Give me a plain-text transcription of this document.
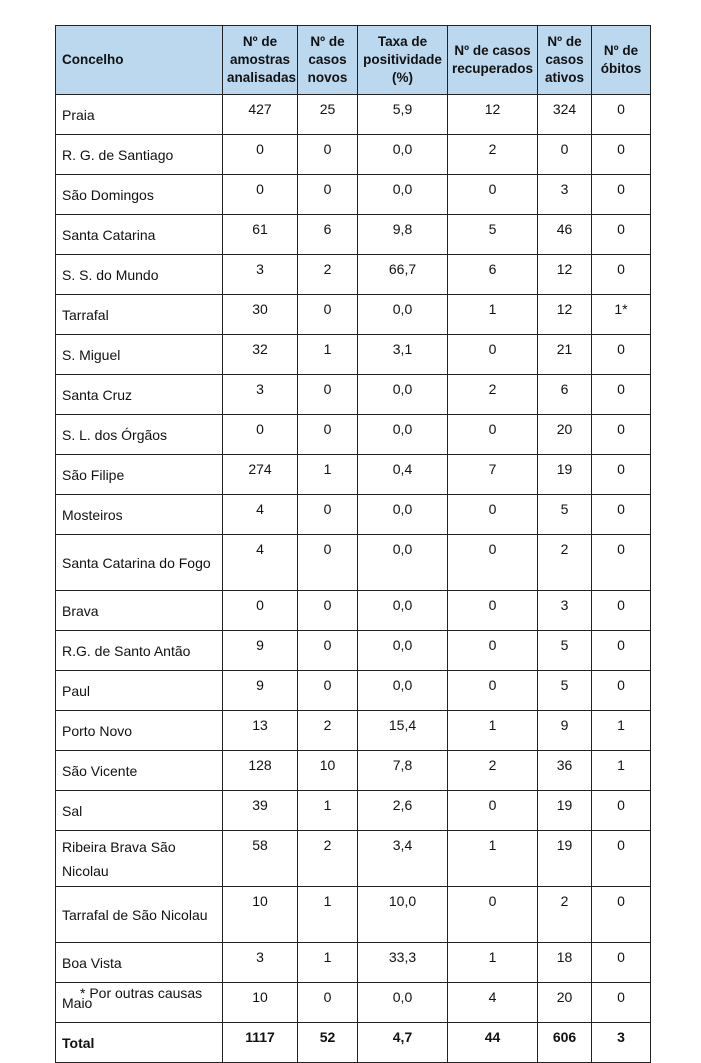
Concelho	Nº de amostras analisadas	Nº de casos novos	Taxa de positividade (%)	Nº de casos recuperados	Nº de casos ativos	Nº de óbitos
Praia	427	25	5,9	12	324	0
R. G. de Santiago	0	0	0,0	2	0	0
São Domingos	0	0	0,0	0	3	0
Santa Catarina	61	6	9,8	5	46	0
S. S. do Mundo	3	2	66,7	6	12	0
Tarrafal	30	0	0,0	1	12	1*
S. Miguel	32	1	3,1	0	21	0
Santa Cruz	3	0	0,0	2	6	0
S. L. dos Órgãos	0	0	0,0	0	20	0
São Filipe	274	1	0,4	7	19	0
Mosteiros	4	0	0,0	0	5	0
Santa Catarina do Fogo	4	0	0,0	0	2	0
Brava	0	0	0,0	0	3	0
R.G. de Santo Antão	9	0	0,0	0	5	0
Paul	9	0	0,0	0	5	0
Porto Novo	13	2	15,4	1	9	1
São Vicente	128	10	7,8	2	36	1
Sal	39	1	2,6	0	19	0
Ribeira Brava São Nicolau	58	2	3,4	1	19	0
Tarrafal de São Nicolau	10	1	10,0	0	2	0
Boa Vista	3	1	33,3	1	18	0
Maio	10	0	0,0	4	20	0
Total	1117	52	4,7	44	606	3
* Por outras causas
